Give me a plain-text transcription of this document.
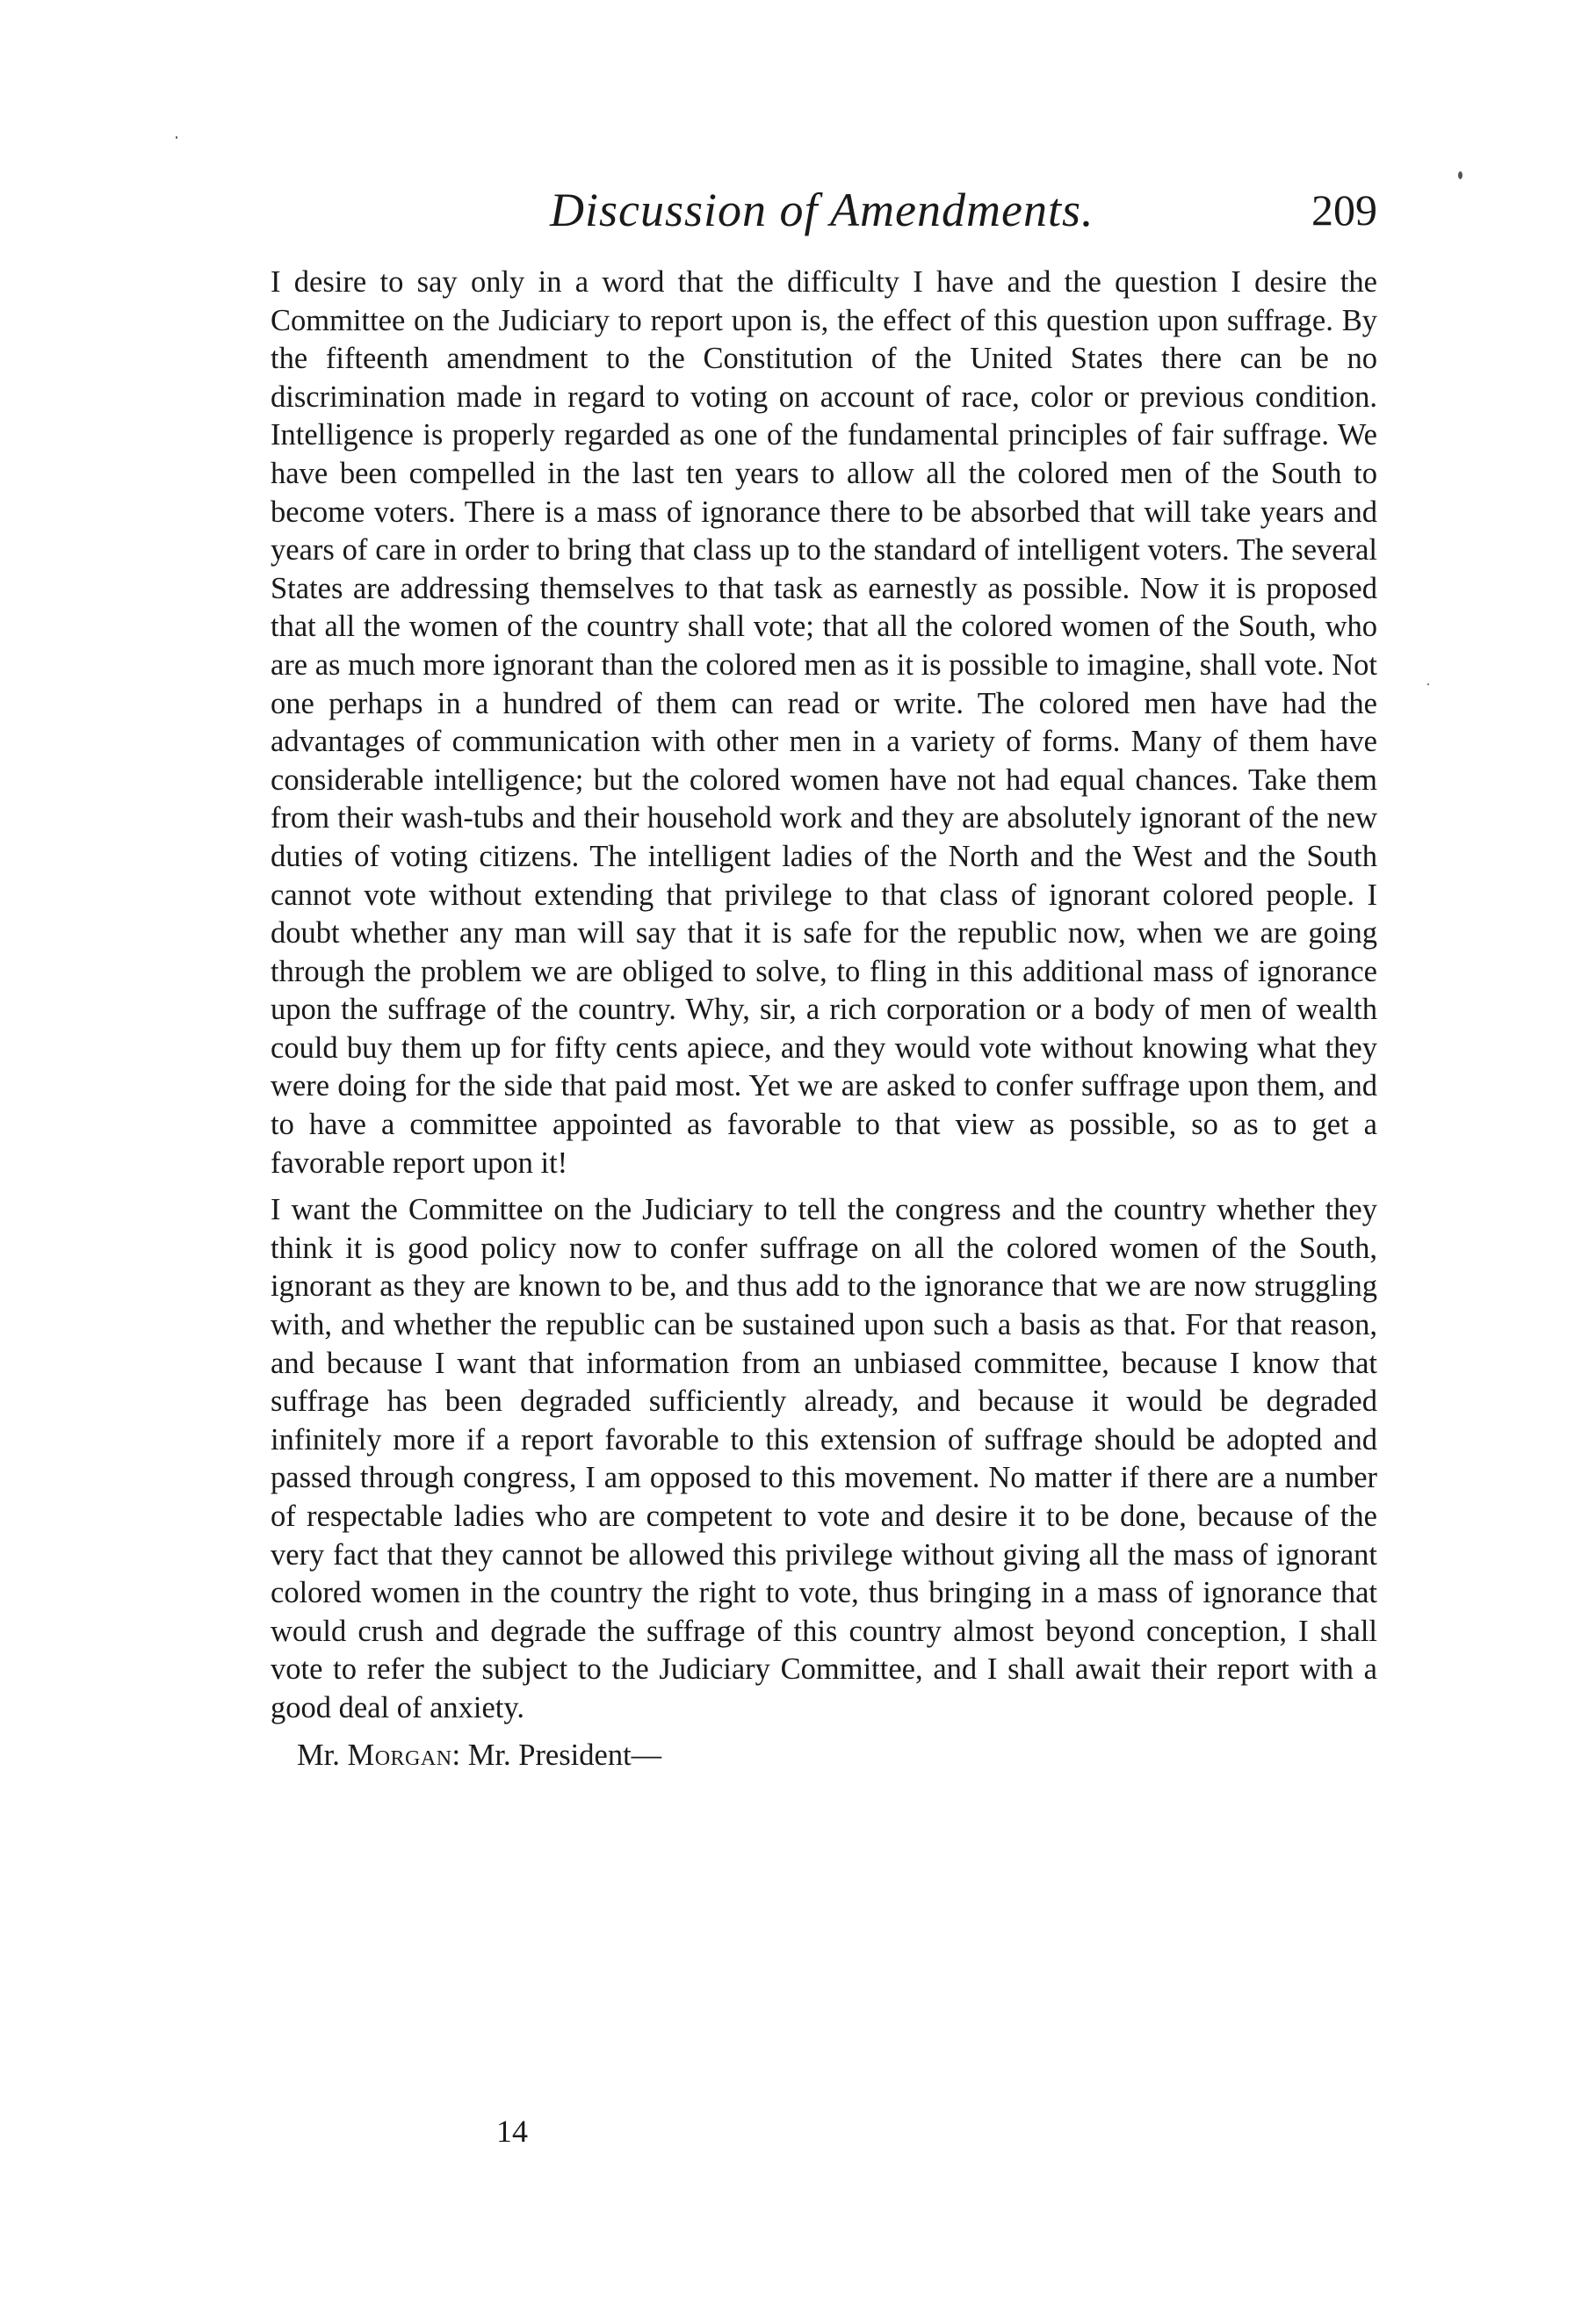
Discussion of Amendments.	209

I desire to say only in a word that the difficulty I have and the question I desire the Committee on the Judiciary to report upon is, the effect of this question upon suffrage. By the fifteenth amendment to the Constitution of the United States there can be no discrimination made in regard to voting on account of race, color or previous condition. Intelligence is properly regarded as one of the fundamental principles of fair suffrage. We have been compelled in the last ten years to allow all the colored men of the South to become voters. There is a mass of ignorance there to be absorbed that will take years and years of care in order to bring that class up to the standard of intelligent voters. The several States are addressing themselves to that task as earnestly as possible. Now it is proposed that all the women of the country shall vote; that all the colored women of the South, who are as much more ignorant than the colored men as it is possible to imagine, shall vote. Not one perhaps in a hundred of them can read or write. The colored men have had the advantages of communication with other men in a variety of forms. Many of them have considerable intelligence; but the colored women have not had equal chances. Take them from their wash-tubs and their household work and they are absolutely ignorant of the new duties of voting citizens. The intelligent ladies of the North and the West and the South cannot vote without extending that privilege to that class of ignorant colored people. I doubt whether any man will say that it is safe for the republic now, when we are going through the problem we are obliged to solve, to fling in this additional mass of ignorance upon the suffrage of the country. Why, sir, a rich corporation or a body of men of wealth could buy them up for fifty cents apiece, and they would vote without knowing what they were doing for the side that paid most. Yet we are asked to confer suffrage upon them, and to have a committee appointed as favorable to that view as possible, so as to get a favorable report upon it!

I want the Committee on the Judiciary to tell the congress and the country whether they think it is good policy now to confer suffrage on all the colored women of the South, ignorant as they are known to be, and thus add to the ignorance that we are now struggling with, and whether the republic can be sustained upon such a basis as that. For that reason, and because I want that information from an unbiased committee, because I know that suffrage has been degraded sufficiently already, and because it would be degraded infinitely more if a report favorable to this extension of suffrage should be adopted and passed through congress, I am opposed to this movement. No matter if there are a number of respectable ladies who are competent to vote and desire it to be done, because of the very fact that they cannot be allowed this privilege without giving all the mass of ignorant colored women in the country the right to vote, thus bringing in a mass of ignorance that would crush and degrade the suffrage of this country almost beyond conception, I shall vote to refer the subject to the Judiciary Committee, and I shall await their report with a good deal of anxiety.

Mr. Morgan: Mr. President—

14
